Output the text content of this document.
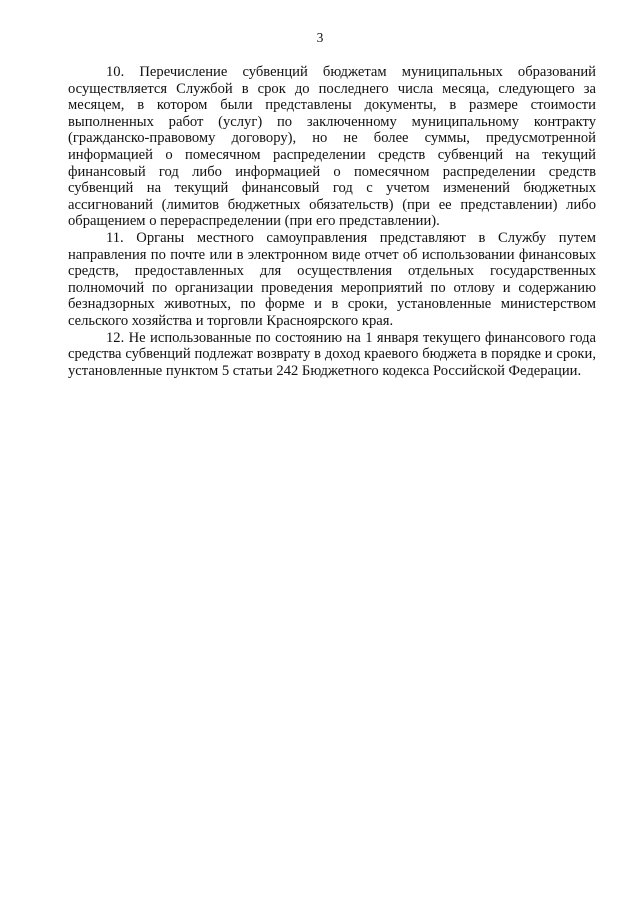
3

10. Перечисление субвенций бюджетам муниципальных образований осуществляется Службой в срок до последнего числа месяца, следующего за месяцем, в котором были представлены документы, в размере стоимости выполненных работ (услуг) по заключенному муниципальному контракту (гражданско-правовому договору), но не более суммы, предусмотренной информацией о помесячном распределении средств субвенций на текущий финансовый год либо информацией о помесячном распределении средств субвенций на текущий финансовый год с учетом изменений бюджетных ассигнований (лимитов бюджетных обязательств) (при ее представлении) либо обращением о перераспределении (при его представлении).

11. Органы местного самоуправления представляют в Службу путем направления по почте или в электронном виде отчет об использовании финансовых средств, предоставленных для осуществления отдельных государственных полномочий по организации проведения мероприятий по отлову и содержанию безнадзорных животных, по форме и в сроки, установленные министерством сельского хозяйства и торговли Красноярского края.

12. Не использованные по состоянию на 1 января текущего финансового года средства субвенций подлежат возврату в доход краевого бюджета в порядке и сроки, установленные пунктом 5 статьи 242 Бюджетного кодекса Российской Федерации.
